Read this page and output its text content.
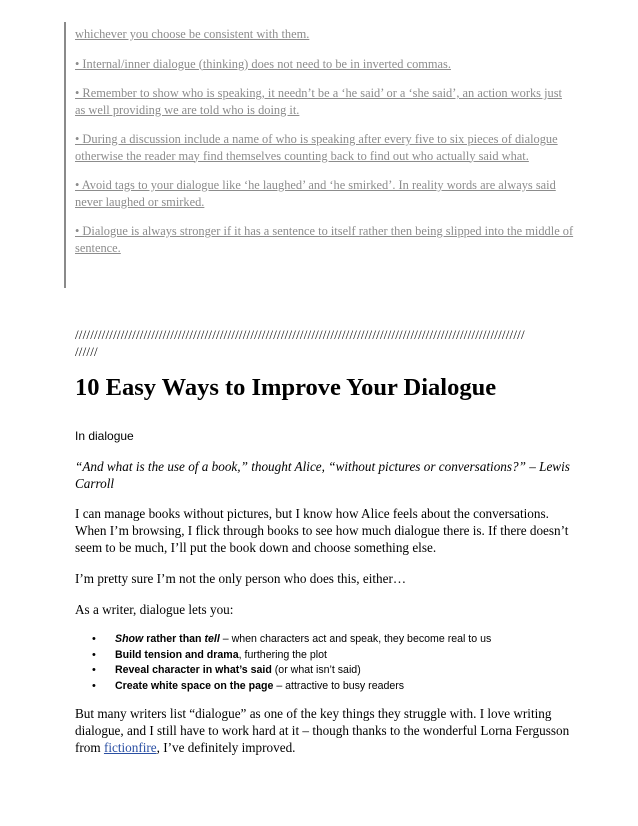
whichever you choose be consistent with them.

• Internal/inner dialogue (thinking) does not need to be in inverted commas.

• Remember to show who is speaking, it needn’t be a ‘he said’ or a ‘she said’, an action works just as well providing we are told who is doing it.

• During a discussion include a name of who is speaking after every five to six pieces of dialogue otherwise the reader may find themselves counting back to find out who actually said what.

• Avoid tags to your dialogue like ‘he laughed’ and ‘he smirked’. In reality words are always said never laughed or smirked.

• Dialogue is always stronger if it has a sentence to itself rather then being slipped into the middle of sentence.

//////////////////////////////////////////////////////////////////////////////////////////////////////////////////////
//////
10 Easy Ways to Improve Your Dialogue

In dialogue

“And what is the use of a book,” thought Alice, “without pictures or conversations?” – Lewis Carroll

I can manage books without pictures, but I know how Alice feels about the conversations. When I’m browsing, I flick through books to see how much dialogue there is. If there doesn’t seem to be much, I’ll put the book down and choose something else.

I’m pretty sure I’m not the only person who does this, either…

As a writer, dialogue lets you:

• Show rather than tell – when characters act and speak, they become real to us
• Build tension and drama, furthering the plot
• Reveal character in what’s said (or what isn’t said)
• Create white space on the page – attractive to busy readers

But many writers list “dialogue” as one of the key things they struggle with. I love writing dialogue, and I still have to work hard at it – though thanks to the wonderful Lorna Fergusson from fictionfire, I’ve definitely improved.
